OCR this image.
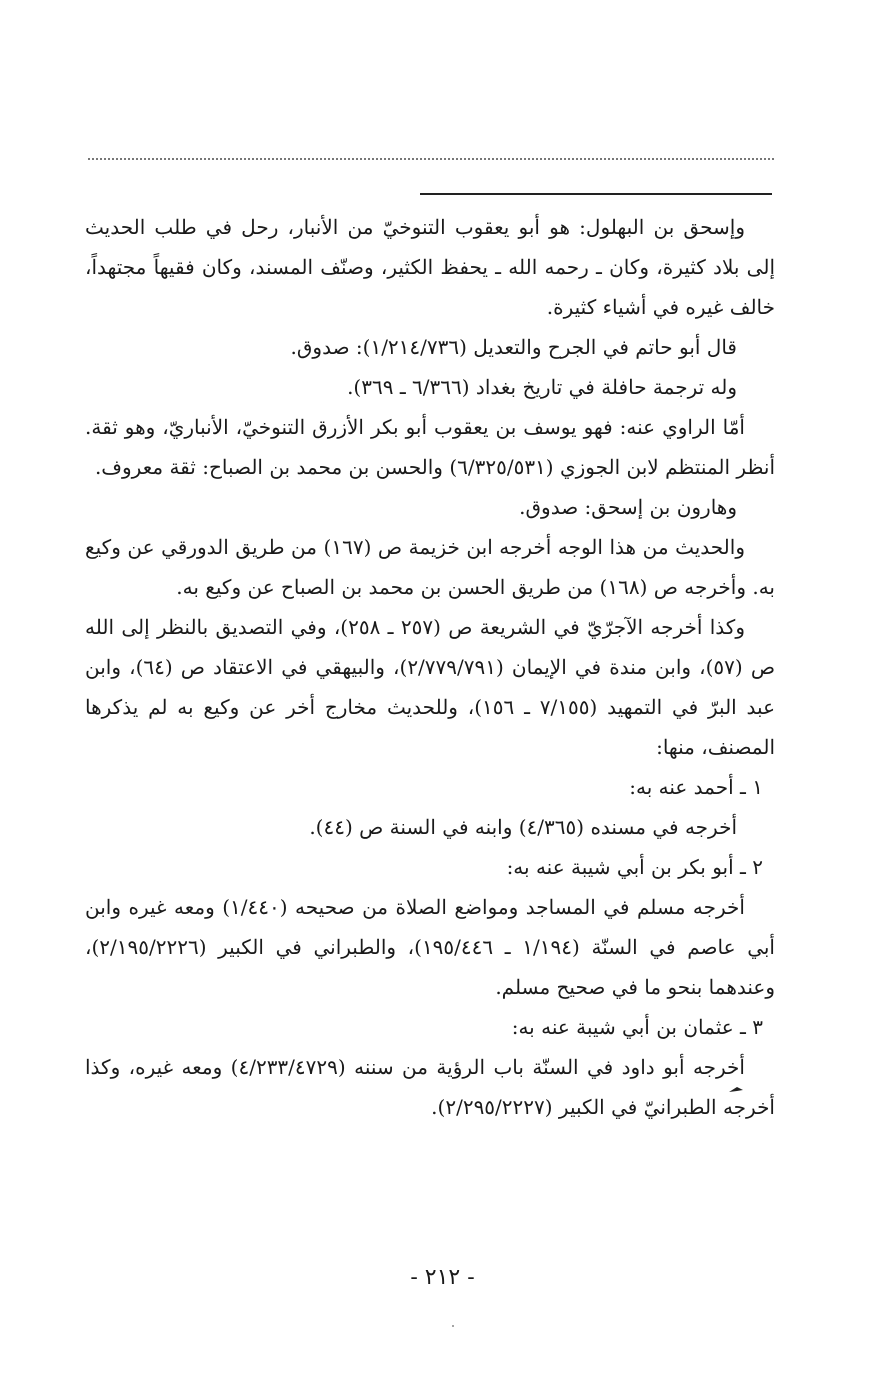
وإسحق بن البهلول: هو أبو يعقوب التنوخيّ من الأنبار، رحل في طلب الحديث إلى بلاد كثيرة، وكان ـ رحمه الله ـ يحفظ الكثير، وصنّف المسند، وكان فقيهاً مجتهداً، خالف غيره في أشياء كثيرة.

قال أبو حاتم في الجرح والتعديل (١/٢١٤/٧٣٦): صدوق.

وله ترجمة حافلة في تاريخ بغداد (٦/٣٦٦ ـ ٣٦٩).

أمّا الراوي عنه: فهو يوسف بن يعقوب أبو بكر الأزرق التنوخيّ، الأنباريّ، وهو ثقة. أنظر المنتظم لابن الجوزي (٦/٣٢٥/٥٣١) والحسن بن محمد بن الصباح: ثقة معروف.

وهارون بن إسحق: صدوق.

والحديث من هذا الوجه أخرجه ابن خزيمة ص (١٦٧) من طريق الدورقي عن وكيع به. وأخرجه ص (١٦٨) من طريق الحسن بن محمد بن الصباح عن وكيع به.

وكذا أخرجه الآجرّيّ في الشريعة ص (٢٥٧ ـ ٢٥٨)، وفي التصديق بالنظر إلى الله ص (٥٧)، وابن مندة في الإيمان (٢/٧٧٩/٧٩١)، والبيهقي في الاعتقاد ص (٦٤)، وابن عبد البرّ في التمهيد (٧/١٥٥ ـ ١٥٦)، وللحديث مخارج أخر عن وكيع به لم يذكرها المصنف، منها:

١ ـ أحمد عنه به:

أخرجه في مسنده (٤/٣٦٥) وابنه في السنة ص (٤٤).

٢ ـ أبو بكر بن أبي شيبة عنه به:

أخرجه مسلم في المساجد ومواضع الصلاة من صحيحه (١/٤٤٠) ومعه غيره وابن أبي عاصم في السنّة (١/١٩٤ ـ ١٩٥/٤٤٦)، والطبراني في الكبير (٢/١٩٥/٢٢٢٦)، وعندهما بنحو ما في صحيح مسلم.

٣ ـ عثمان بن أبي شيبة عنه به:

أخرجه أبو داود في السنّة باب الرؤية من سننه (٤/٢٣٣/٤٧٢٩) ومعه غيره، وكذا أخرجه الطبرانيّ في الكبير (٢/٢٩٥/٢٢٢٧).

- ٢١٢ -
